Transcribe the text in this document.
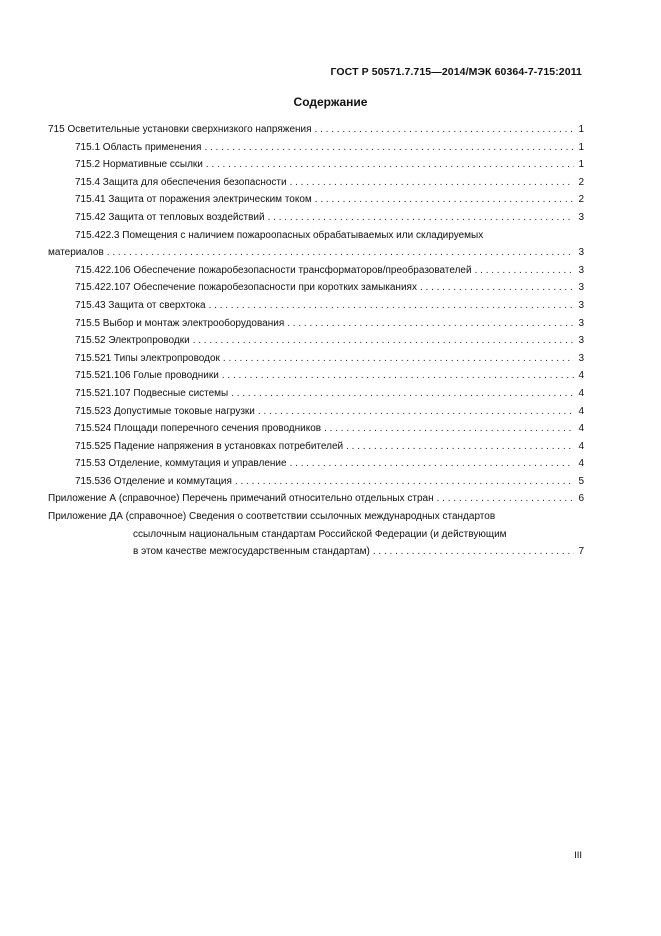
ГОСТ Р 50571.7.715—2014/МЭК 60364-7-715:2011
Содержание
715 Осветительные установки сверхнизкого напряжения . . .	1
715.1 Область применения . . .	1
715.2 Нормативные ссылки . . .	1
715.4 Защита для обеспечения безопасности . . .	2
715.41 Защита от поражения электрическим током . . .	2
715.42 Защита от тепловых воздействий . . .	3
715.422.3 Помещения с наличием пожароопасных обрабатываемых или складируемых
материалов . . .	3
715.422.106 Обеспечение пожаробезопасности трансформаторов/преобразователей . . .	3
715.422.107 Обеспечение пожаробезопасности при коротких замыканиях . . .	3
715.43 Защита от сверхтока . . .	3
715.5 Выбор и монтаж электрооборудования . . .	3
715.52 Электропроводки . . .	3
715.521 Типы электропроводок . . .	3
715.521.106 Голые проводники . . .	4
715.521.107 Подвесные системы . . .	4
715.523 Допустимые токовые нагрузки . . .	4
715.524 Площади поперечного сечения проводников . . .	4
715.525 Падение напряжения в установках потребителей . . .	4
715.53 Отделение, коммутация и управление . . .	4
715.536 Отделение и коммутация . . .	5
Приложение А (справочное) Перечень примечаний относительно отдельных стран . . .	6
Приложение ДА (справочное) Сведения о соответствии ссылочных международных стандартов
ссылочным национальным стандартам Российской Федерации (и действующим
в этом качестве межгосударственным стандартам) . . .	7
III
